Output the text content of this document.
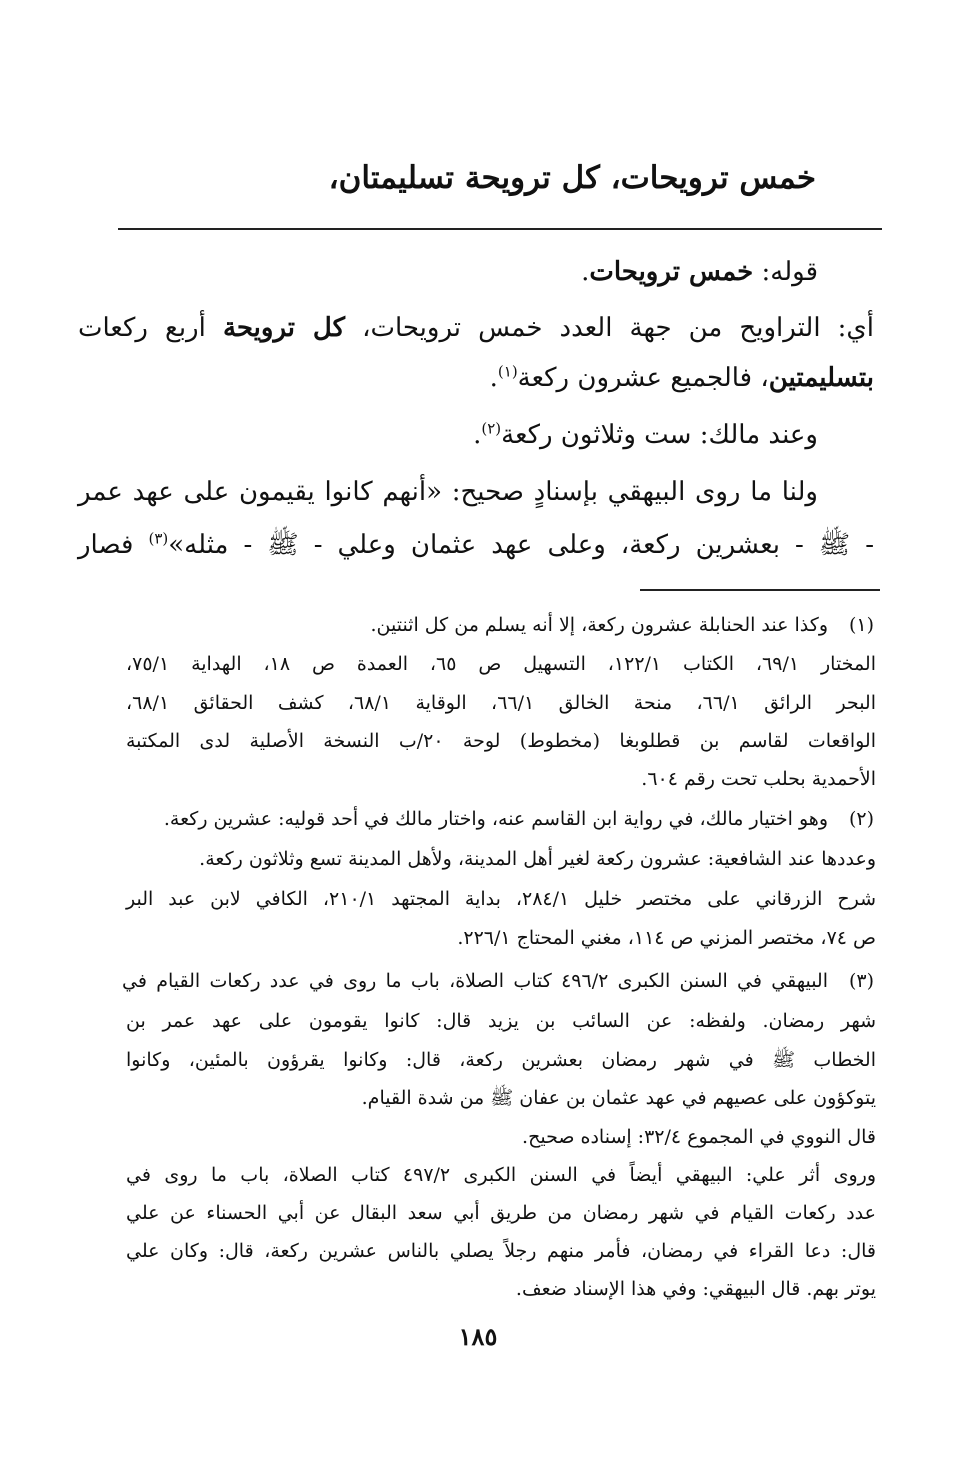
خمس ترويحات، كل ترويحة تسليمتان،
قوله: خمس ترويحات.
أي: التراويح من جهة العدد خمس ترويحات، كل ترويحة أربع ركعات
بتسليمتين، فالجميع عشرون ركعة$^{(١)}$.
وعند مالك: ست وثلاثون ركعة$^{(٢)}$.
ولنا ما روى البيهقي بإسنادٍ صحيح: «أنهم كانوا يقيمون على عهد عمر
- ﷺ - بعشرين ركعة، وعلى عهد عثمان وعلي - ﷺ - مثله»$^{(٣)}$ فصار
(١)
وكذا عند الحنابلة عشرون ركعة، إلا أنه يسلم من كل اثنتين.
المختار ٦٩/١، الكتاب ١٢٢/١، التسهيل ص ٦٥، العمدة ص ١٨، الهداية ٧٥/١،
البحر الرائق ٦٦/١، منحة الخالق ٦٦/١، الوقاية ٦٨/١، كشف الحقائق ٦٨/١،
الواقعات لقاسم بن قطلوبغا (مخطوط) لوحة ٢٠/ب النسخة الأصلية لدى المكتبة
الأحمدية بحلب تحت رقم ٦٠٤.
(٢)
وهو اختيار مالك، في رواية ابن القاسم عنه، واختار مالك في أحد قوليه: عشرين ركعة.
وعددها عند الشافعية: عشرون ركعة لغير أهل المدينة، ولأهل المدينة تسع وثلاثون ركعة.
شرح الزرقاني على مختصر خليل ٢٨٤/١، بداية المجتهد ٢١٠/١، الكافي لابن عبد البر
ص ٧٤، مختصر المزني ص ١١٤، مغني المحتاج ٢٢٦/١.
(٣)
البيهقي في السنن الكبرى ٤٩٦/٢ كتاب الصلاة، باب ما روى في عدد ركعات القيام في
شهر رمضان. ولفظه: عن السائب بن يزيد قال: كانوا يقومون على عهد عمر بن
الخطاب ﷺ في شهر رمضان بعشرين ركعة، قال: وكانوا يقرؤون بالمئين، وكانوا
يتوكؤون على عصيهم في عهد عثمان بن عفان ﷺ من شدة القيام.
قال النووي في المجموع ٣٢/٤: إسناده صحيح.
وروى أثر علي: البيهقي أيضاً في السنن الكبرى ٤٩٧/٢ كتاب الصلاة، باب ما روى في
عدد ركعات القيام في شهر رمضان من طريق أبي سعد البقال عن أبي الحسناء عن علي
قال: دعا القراء في رمضان، فأمر منهم رجلاً يصلي بالناس عشرين ركعة، قال: وكان علي
يوتر بهم. قال البيهقي: وفي هذا الإسناد ضعف.
١٨٥
